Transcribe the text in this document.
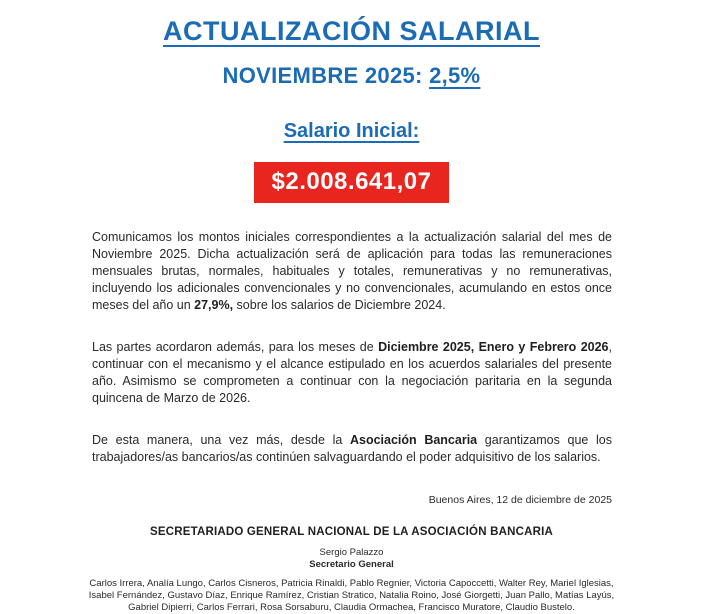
ACTUALIZACIÓN SALARIAL
NOVIEMBRE 2025: 2,5%
Salario Inicial:
$2.008.641,07

Comunicamos los montos iniciales correspondientes a la actualización salarial del mes de Noviembre 2025. Dicha actualización será de aplicación para todas las remuneraciones mensuales brutas, normales, habituales y totales, remunerativas y no remunerativas, incluyendo los adicionales convencionales y no convencionales, acumulando en estos once meses del año un 27,9%, sobre los salarios de Diciembre 2024.

Las partes acordaron además, para los meses de Diciembre 2025, Enero y Febrero 2026, continuar con el mecanismo y el alcance estipulado en los acuerdos salariales del presente año. Asimismo se comprometen a continuar con la negociación paritaria en la segunda quincena de Marzo de 2026.

De esta manera, una vez más, desde la Asociación Bancaria garantizamos que los trabajadores/as bancarios/as continúen salvaguardando el poder adquisitivo de los salarios.

Buenos Aires, 12 de diciembre de 2025
SECRETARIADO GENERAL NACIONAL DE LA ASOCIACIÓN BANCARIA
Sergio Palazzo
Secretario General
Carlos Irrera, Analía Lungo, Carlos Cisneros, Patricia Rinaldi, Pablo Regnier, Victoria Capoccetti, Walter Rey, Mariel Iglesias, Isabel Fernández, Gustavo Díaz, Enrique Ramírez, Cristian Stratico, Natalia Roino, José Giorgetti, Juan Pallo, Matías Layús, Gabriel Dipierri, Carlos Ferrari, Rosa Sorsaburu, Claudia Ormachea, Francisco Muratore, Claudio Bustelo.
